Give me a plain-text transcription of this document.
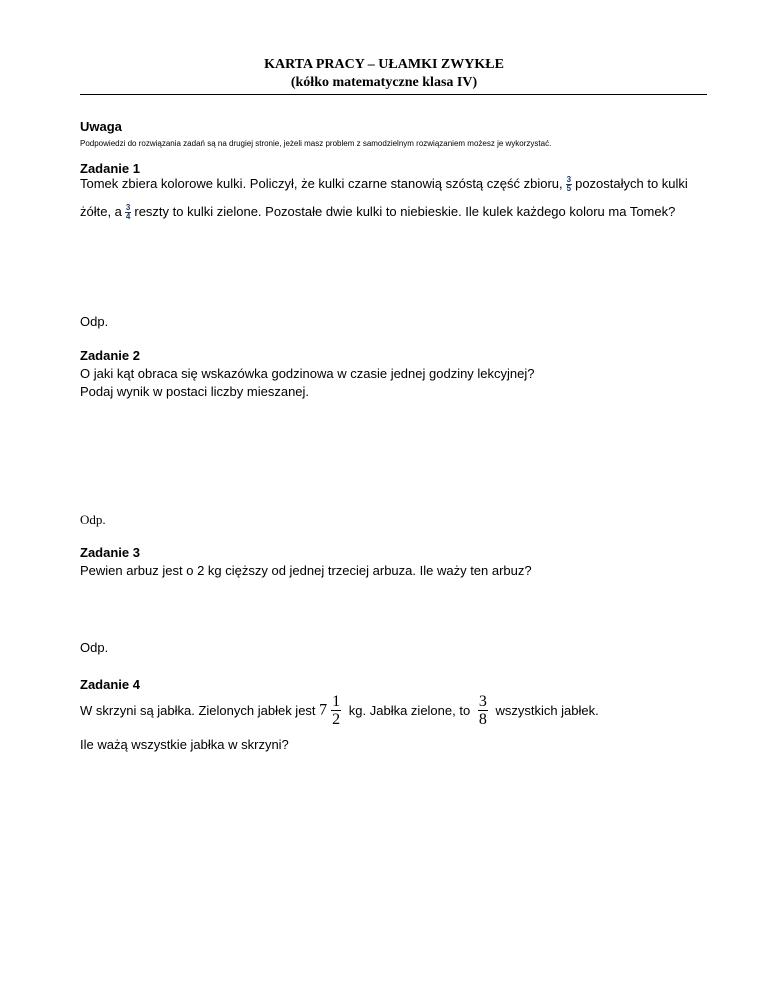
KARTA PRACY – UŁAMKI ZWYKŁE
(kółko matematyczne klasa IV)
Uwaga
Podpowiedzi do rozwiązania zadań są na drugiej stronie, jeżeli masz problem z samodzielnym rozwiązaniem możesz je wykorzystać.
Zadanie 1
Tomek zbiera kolorowe kulki. Policzył, że kulki czarne stanowią szóstą część zbioru, $\frac{3}{5}$ pozostałych to kulki
żółte, a $\frac{3}{4}$ reszty to kulki zielone. Pozostałe dwie kulki to niebieskie. Ile kulek każdego koloru ma Tomek?
Odp.
Zadanie 2
O jaki kąt obraca się wskazówka godzinowa w czasie jednej godziny lekcyjnej?
Podaj wynik w postaci liczby mieszanej.
Odp.
Zadanie 3
Pewien arbuz jest o 2 kg cięższy od jednej trzeciej arbuza. Ile waży ten arbuz?
Odp.
Zadanie 4
W skrzyni są jabłka. Zielonych jabłek jest $7 \frac{1}{2}$ kg. Jabłka zielone, to $\frac{3}{8}$ wszystkich jabłek.
Ile ważą wszystkie jabłka w skrzyni?
